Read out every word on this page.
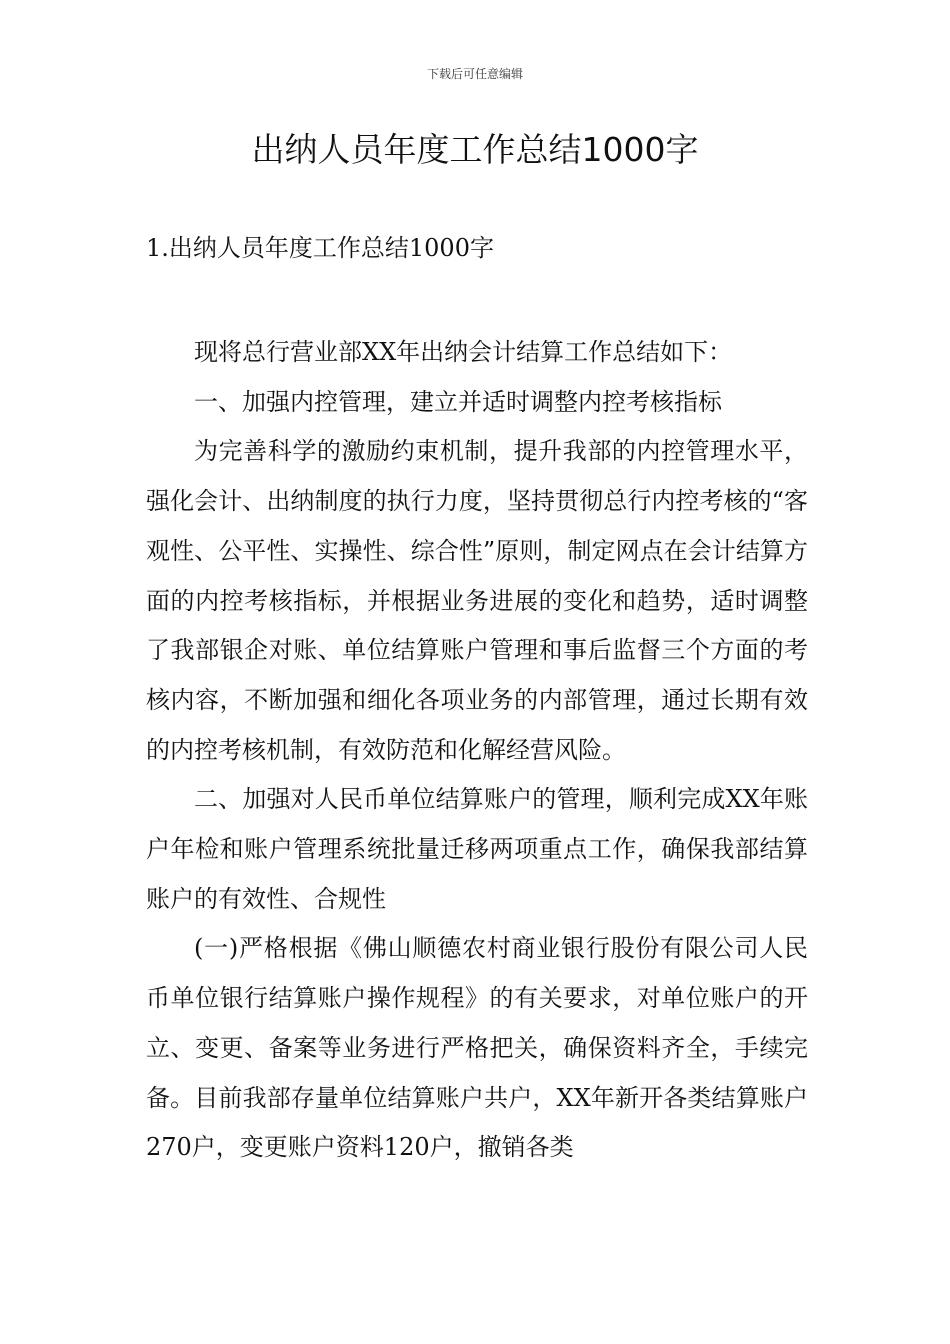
下载后可任意编辑
出纳人员年度工作总结1000字
1.出纳人员年度工作总结1000字

现将总行营业部XX年出纳会计结算工作总结如下：

一、加强内控管理，建立并适时调整内控考核指标

为完善科学的激励约束机制，提升我部的内控管理水平，强化会计、出纳制度的执行力度，坚持贯彻总行内控考核的“客观性、公平性、实操性、综合性”原则，制定网点在会计结算方面的内控考核指标，并根据业务进展的变化和趋势，适时调整了我部银企对账、单位结算账户管理和事后监督三个方面的考核内容，不断加强和细化各项业务的内部管理，通过长期有效的内控考核机制，有效防范和化解经营风险。

二、加强对人民币单位结算账户的管理，顺利完成XX年账户年检和账户管理系统批量迁移两项重点工作，确保我部结算账户的有效性、合规性

(一)严格根据《佛山顺德农村商业银行股份有限公司人民币单位银行结算账户操作规程》的有关要求，对单位账户的开立、变更、备案等业务进行严格把关，确保资料齐全，手续完备。目前我部存量单位结算账户共户，XX年新开各类结算账户270户，变更账户资料120户，撤销各类
